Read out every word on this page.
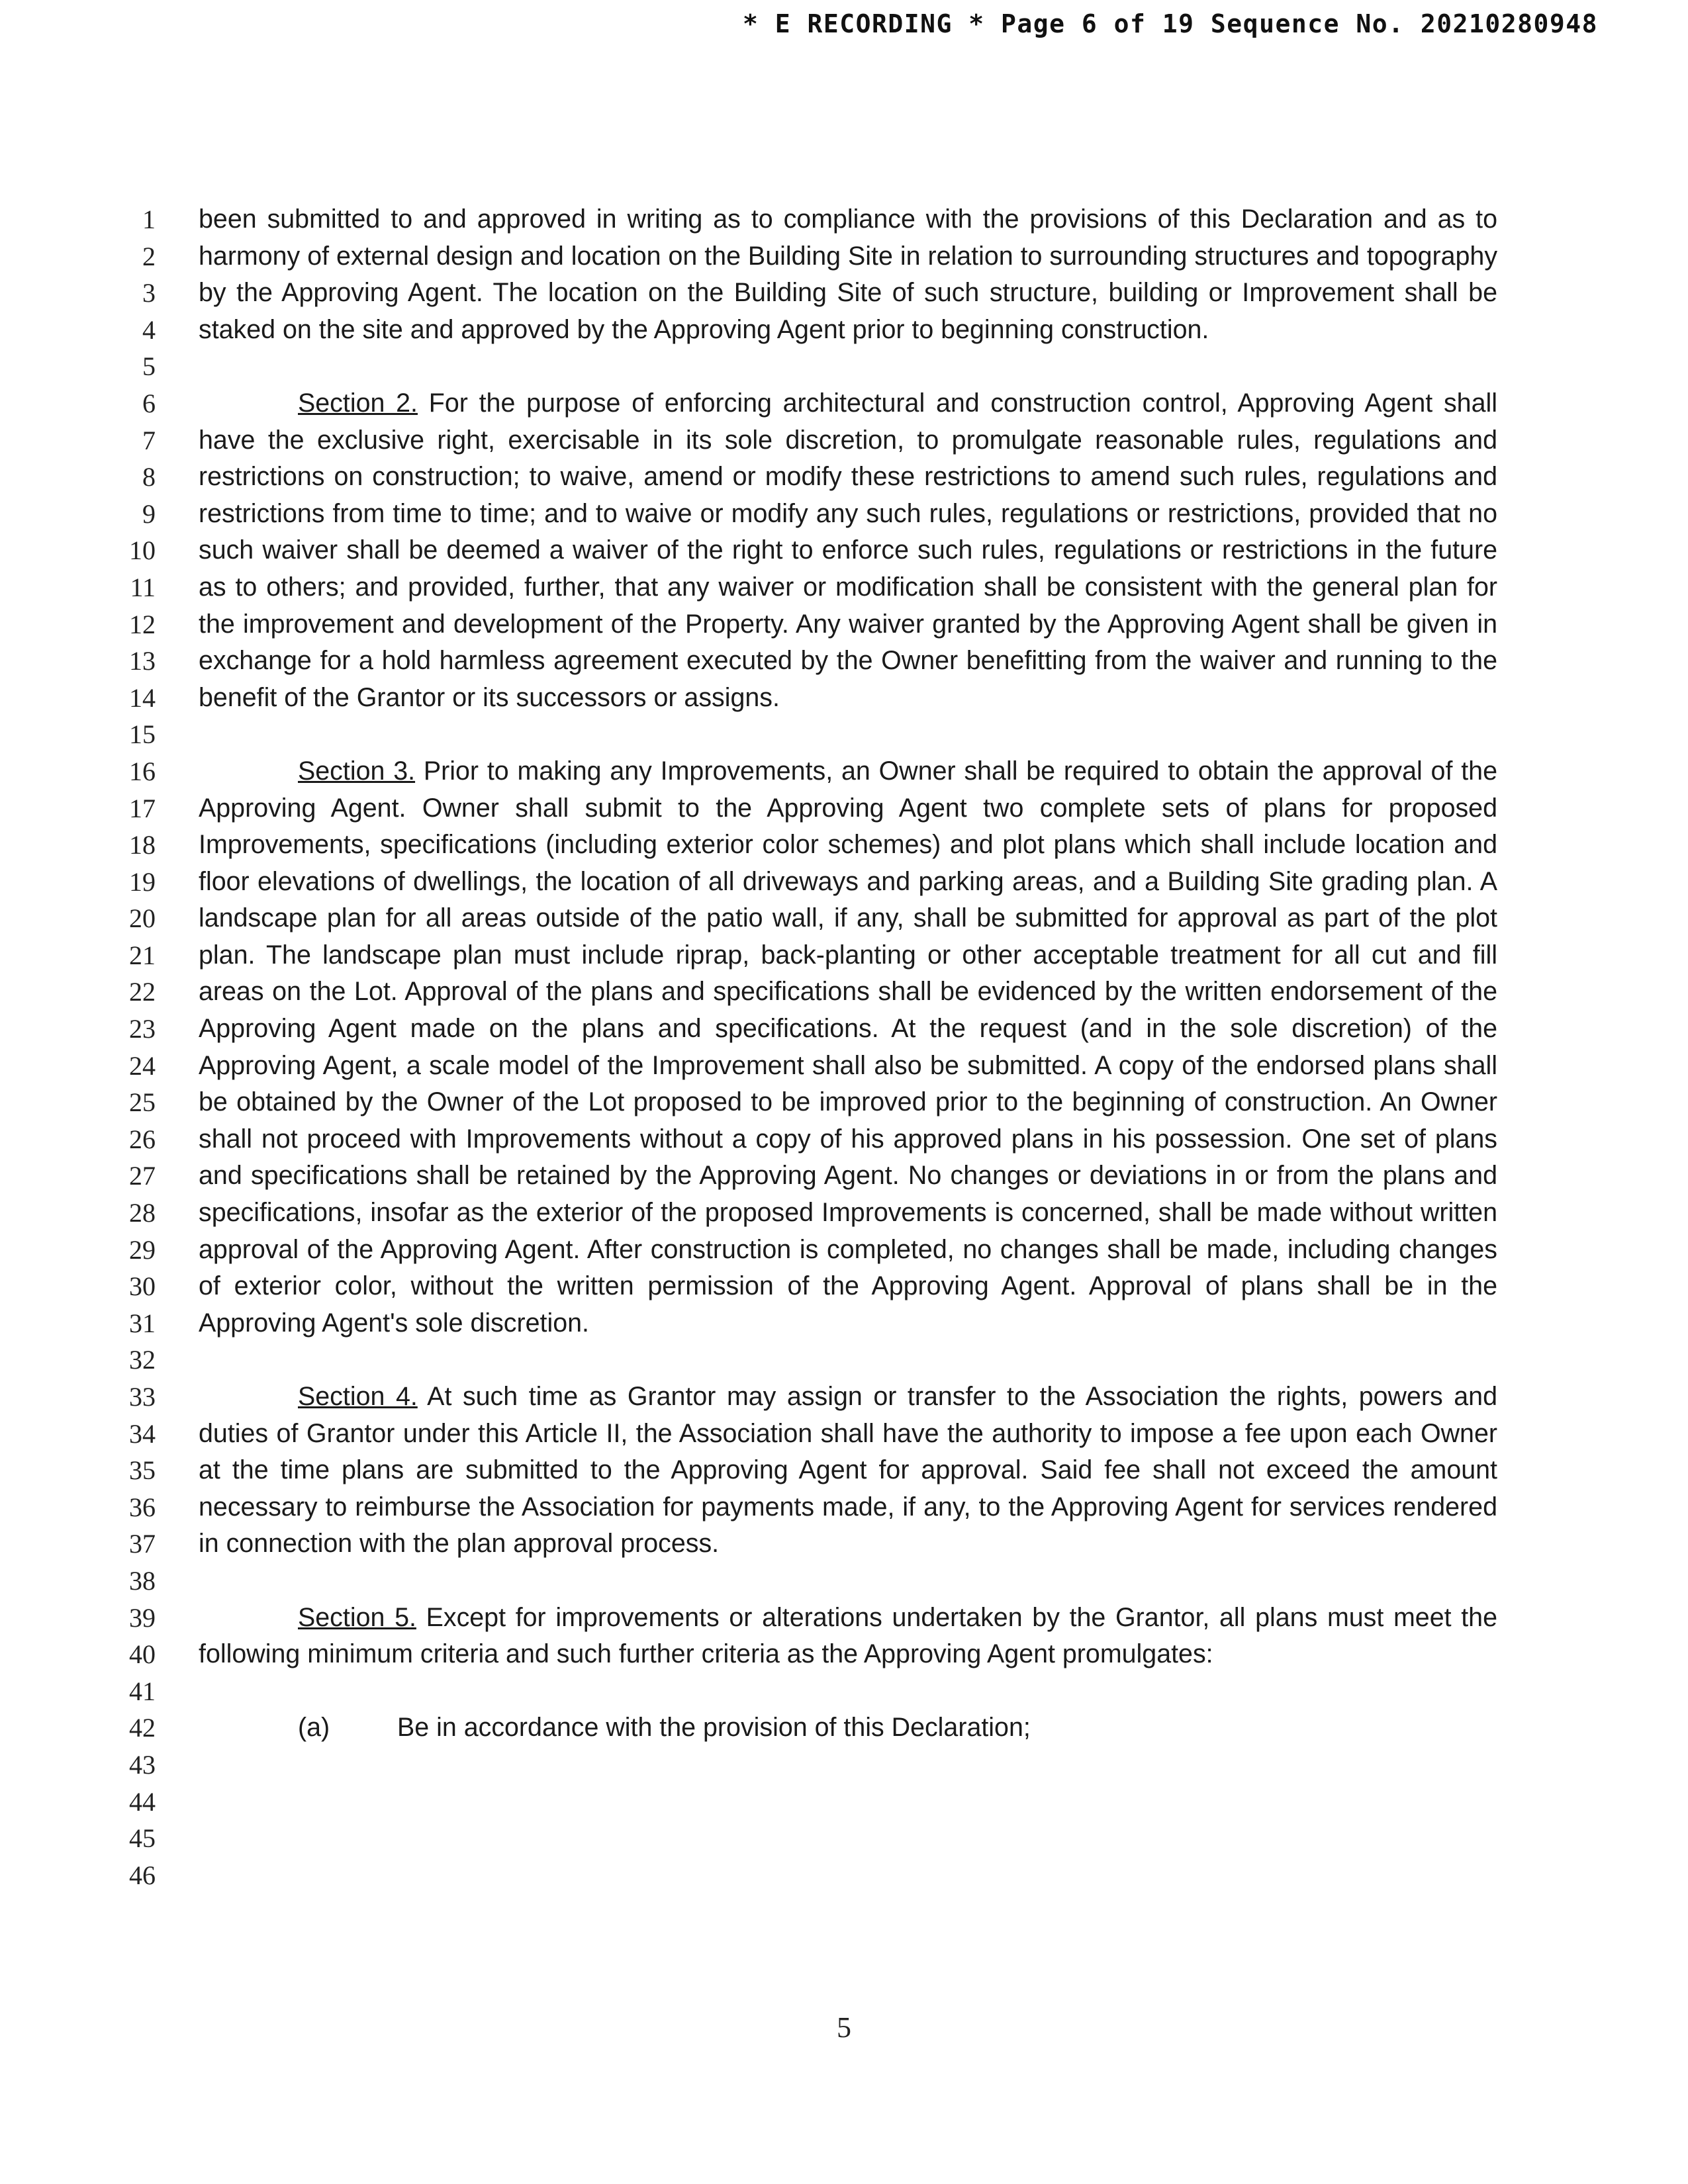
* E RECORDING * Page 6 of 19 Sequence No. 20210280948
1
2
3
4
5
6
7
8
9
10
11
12
13
14
15
16
17
18
19
20
21
22
23
24
25
26
27
28
29
30
31
32
33
34
35
36
37
38
39
40
41
42
43
44
45
46

been submitted to and approved in writing as to compliance with the provisions of this Declaration and as to harmony of external design and location on the Building Site in relation to surrounding structures and topography by the Approving Agent. The location on the Building Site of such structure, building or Improvement shall be staked on the site and approved by the Approving Agent prior to beginning construction.

Section 2. For the purpose of enforcing architectural and construction control, Approving Agent shall have the exclusive right, exercisable in its sole discretion, to promulgate reasonable rules, regulations and restrictions on construction; to waive, amend or modify these restrictions to amend such rules, regulations and restrictions from time to time; and to waive or modify any such rules, regulations or restrictions, provided that no such waiver shall be deemed a waiver of the right to enforce such rules, regulations or restrictions in the future as to others; and provided, further, that any waiver or modification shall be consistent with the general plan for the improvement and development of the Property. Any waiver granted by the Approving Agent shall be given in exchange for a hold harmless agreement executed by the Owner benefitting from the waiver and running to the benefit of the Grantor or its successors or assigns.

Section 3. Prior to making any Improvements, an Owner shall be required to obtain the approval of the Approving Agent. Owner shall submit to the Approving Agent two complete sets of plans for proposed Improvements, specifications (including exterior color schemes) and plot plans which shall include location and floor elevations of dwellings, the location of all driveways and parking areas, and a Building Site grading plan. A landscape plan for all areas outside of the patio wall, if any, shall be submitted for approval as part of the plot plan. The landscape plan must include riprap, back-planting or other acceptable treatment for all cut and fill areas on the Lot. Approval of the plans and specifications shall be evidenced by the written endorsement of the Approving Agent made on the plans and specifications. At the request (and in the sole discretion) of the Approving Agent, a scale model of the Improvement shall also be submitted. A copy of the endorsed plans shall be obtained by the Owner of the Lot proposed to be improved prior to the beginning of construction. An Owner shall not proceed with Improvements without a copy of his approved plans in his possession. One set of plans and specifications shall be retained by the Approving Agent. No changes or deviations in or from the plans and specifications, insofar as the exterior of the proposed Improvements is concerned, shall be made without written approval of the Approving Agent. After construction is completed, no changes shall be made, including changes of exterior color, without the written permission of the Approving Agent. Approval of plans shall be in the Approving Agent's sole discretion.

Section 4. At such time as Grantor may assign or transfer to the Association the rights, powers and duties of Grantor under this Article II, the Association shall have the authority to impose a fee upon each Owner at the time plans are submitted to the Approving Agent for approval. Said fee shall not exceed the amount necessary to reimburse the Association for payments made, if any, to the Approving Agent for services rendered in connection with the plan approval process.

Section 5. Except for improvements or alterations undertaken by the Grantor, all plans must meet the following minimum criteria and such further criteria as the Approving Agent promulgates:

(a)	Be in accordance with the provision of this Declaration;
5
